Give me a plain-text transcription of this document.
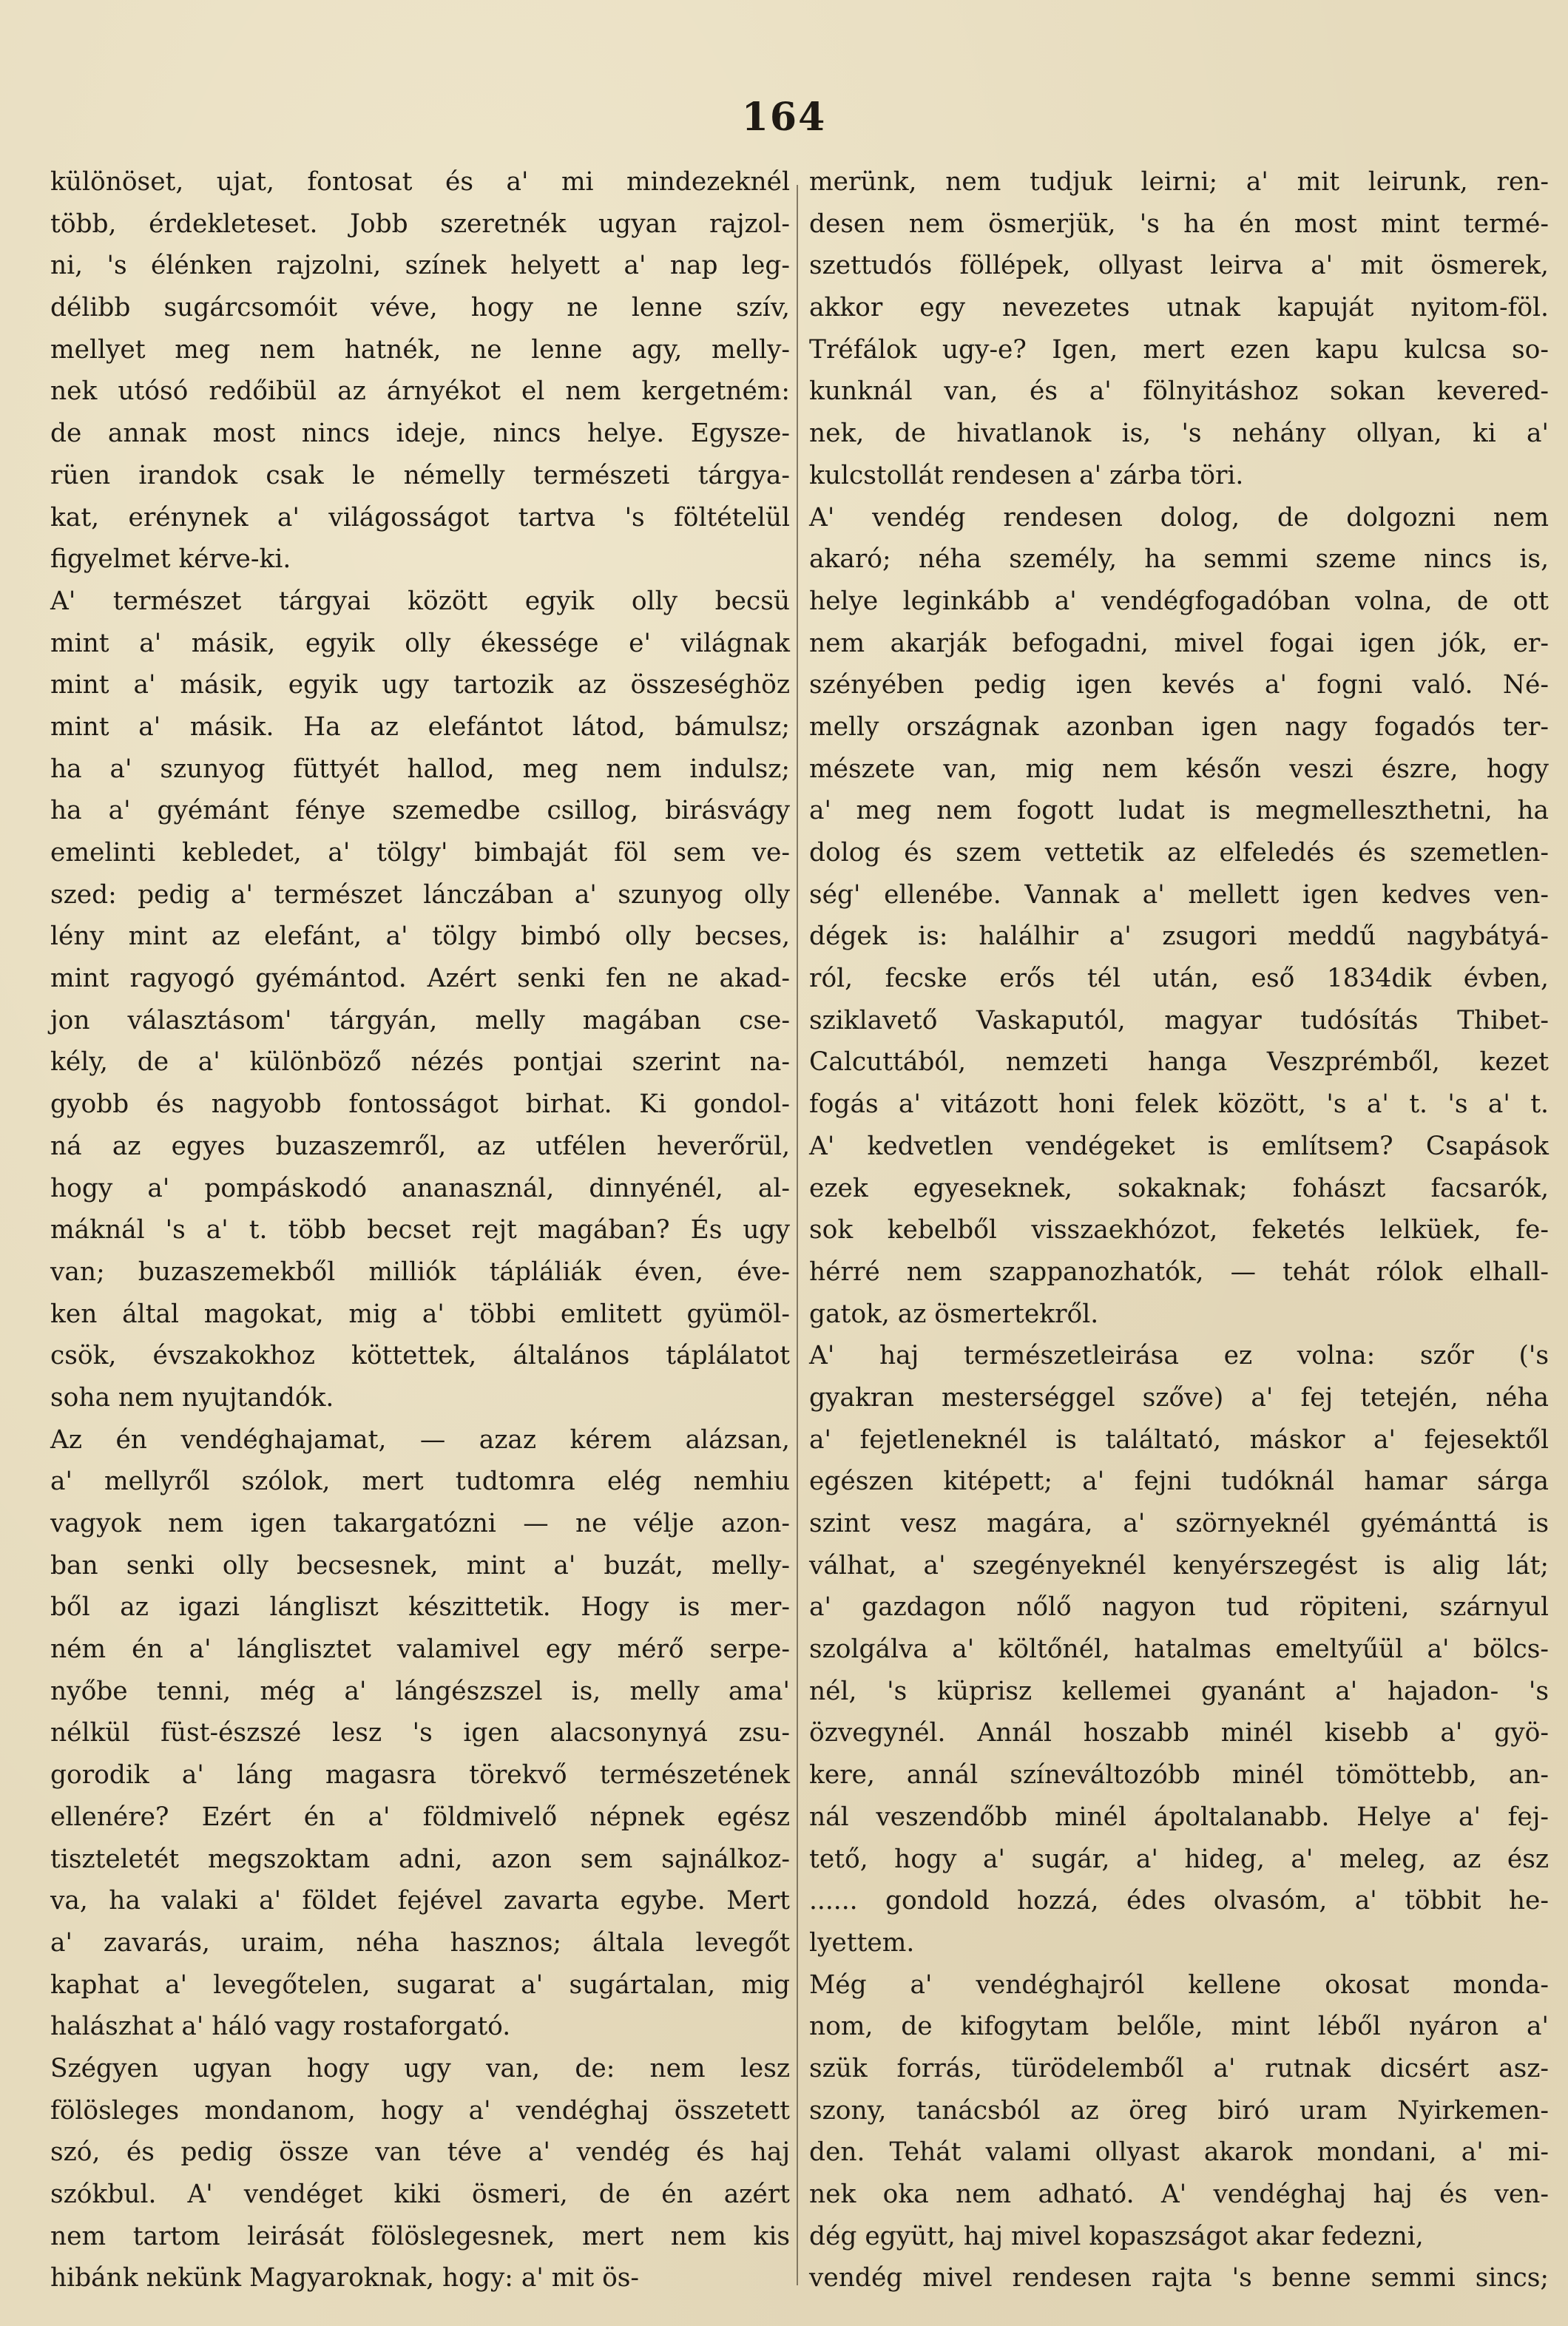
164
különöset, ujat, fontosat és a' mi mindezeknél
több, érdekleteset. Jobb szeretnék ugyan rajzol-
ni, 's élénken rajzolni, színek helyett a' nap leg-
délibb sugárcsomóit véve, hogy ne lenne szív,
mellyet meg nem hatnék, ne lenne agy, melly-
nek utósó redőibül az árnyékot el nem kergetném:
de annak most nincs ideje, nincs helye. Egysze-
rüen irandok csak le némelly természeti tárgya-
kat, erénynek a' világosságot tartva 's föltételül
figyelmet kérve-ki.
A' természet tárgyai között egyik olly becsü
mint a' másik, egyik olly ékessége e' világnak
mint a' másik, egyik ugy tartozik az összeséghöz
mint a' másik. Ha az elefántot látod, bámulsz;
ha a' szunyog füttyét hallod, meg nem indulsz;
ha a' gyémánt fénye szemedbe csillog, birásvágy
emelinti kebledet, a' tölgy' bimbaját föl sem ve-
szed: pedig a' természet lánczában a' szunyog olly
lény mint az elefánt, a' tölgy bimbó olly becses,
mint ragyogó gyémántod. Azért senki fen ne akad-
jon választásom' tárgyán, melly magában cse-
kély, de a' különböző nézés pontjai szerint na-
gyobb és nagyobb fontosságot birhat. Ki gondol-
ná az egyes buzaszemről, az utfélen heverőrül,
hogy a' pompáskodó ananasznál, dinnyénél, al-
máknál 's a' t. több becset rejt magában? És ugy
van; buzaszemekből milliók tápláliák éven, éve-
ken által magokat, mig a' többi emlitett gyümöl-
csök, évszakokhoz köttettek, általános táplálatot
soha nem nyujtandók.
Az én vendéghajamat, — azaz kérem alázsan,
a' mellyről szólok, mert tudtomra elég nemhiu
vagyok nem igen takargatózni — ne vélje azon-
ban senki olly becsesnek, mint a' buzát, melly-
ből az igazi lángliszt készittetik. Hogy is mer-
ném én a' lánglisztet valamivel egy mérő serpe-
nyőbe tenni, még a' lángészszel is, melly ama'
nélkül füst-észszé lesz 's igen alacsonynyá zsu-
gorodik a' láng magasra törekvő természetének
ellenére? Ezért én a' földmivelő népnek egész
tiszteletét megszoktam adni, azon sem sajnálkoz-
va, ha valaki a' földet fejével zavarta egybe. Mert
a' zavarás, uraim, néha hasznos; általa levegőt
kaphat a' levegőtelen, sugarat a' sugártalan, mig
halászhat a' háló vagy rostaforgató.
Szégyen ugyan hogy ugy van, de: nem lesz
fölösleges mondanom, hogy a' vendéghaj összetett
szó, és pedig össze van téve a' vendég és haj
szókbul. A' vendéget kiki ösmeri, de én azért
nem tartom leirását fölöslegesnek, mert nem kis
hibánk nekünk Magyaroknak, hogy: a' mit ös-
merünk, nem tudjuk leirni; a' mit leirunk, ren-
desen nem ösmerjük, 's ha én most mint termé-
szettudós föllépek, ollyast leirva a' mit ösmerek,
akkor egy nevezetes utnak kapuját nyitom-föl.
Tréfálok ugy-e? Igen, mert ezen kapu kulcsa so-
kunknál van, és a' fölnyitáshoz sokan kevered-
nek, de hivatlanok is, 's nehány ollyan, ki a'
kulcstollát rendesen a' zárba töri.
A' vendég rendesen dolog, de dolgozni nem
akaró; néha személy, ha semmi szeme nincs is,
helye leginkább a' vendégfogadóban volna, de ott
nem akarják befogadni, mivel fogai igen jók, er-
szényében pedig igen kevés a' fogni való. Né-
melly országnak azonban igen nagy fogadós ter-
mészete van, mig nem későn veszi észre, hogy
a' meg nem fogott ludat is megmelleszthetni, ha
dolog és szem vettetik az elfeledés és szemetlen-
ség' ellenébe. Vannak a' mellett igen kedves ven-
dégek is: halálhir a' zsugori meddű nagybátyá-
ról, fecske erős tél után, eső 1834dik évben,
sziklavető Vaskaputól, magyar tudósítás Thibet-
Calcuttából, nemzeti hanga Veszprémből, kezet
fogás a' vitázott honi felek között, 's a' t. 's a' t.
A' kedvetlen vendégeket is említsem? Csapások
ezek egyeseknek, sokaknak; fohászt facsarók,
sok kebelből visszaekhózot, feketés lelküek, fe-
hérré nem szappanozhatók, — tehát rólok elhall-
gatok, az ösmertekről.
A' haj természetleirása ez volna: szőr ('s
gyakran mesterséggel szőve) a' fej tetején, néha
a' fejetleneknél is találtató, máskor a' fejesektől
egészen kitépett; a' fejni tudóknál hamar sárga
szint vesz magára, a' szörnyeknél gyémánttá is
válhat, a' szegényeknél kenyérszegést is alig lát;
a' gazdagon nőlő nagyon tud röpiteni, szárnyul
szolgálva a' költőnél, hatalmas emeltyűül a' bölcs-
nél, 's küprisz kellemei gyanánt a' hajadon- 's
özvegynél. Annál hoszabb minél kisebb a' gyö-
kere, annál színeváltozóbb minél tömöttebb, an-
nál veszendőbb minél ápoltalanabb. Helye a' fej-
tető, hogy a' sugár, a' hideg, a' meleg, az ész
...... gondold hozzá, édes olvasóm, a' többit he-
lyettem.
Még a' vendéghajról kellene okosat monda-
nom, de kifogytam belőle, mint léből nyáron a'
szük forrás, türödelemből a' rutnak dicsért asz-
szony, tanácsból az öreg biró uram Nyirkemen-
den. Tehát valami ollyast akarok mondani, a' mi-
nek oka nem adható. A' vendéghaj haj és ven-
dég együtt, haj mivel kopaszságot akar fedezni,
vendég mivel rendesen rajta 's benne semmi sincs;
